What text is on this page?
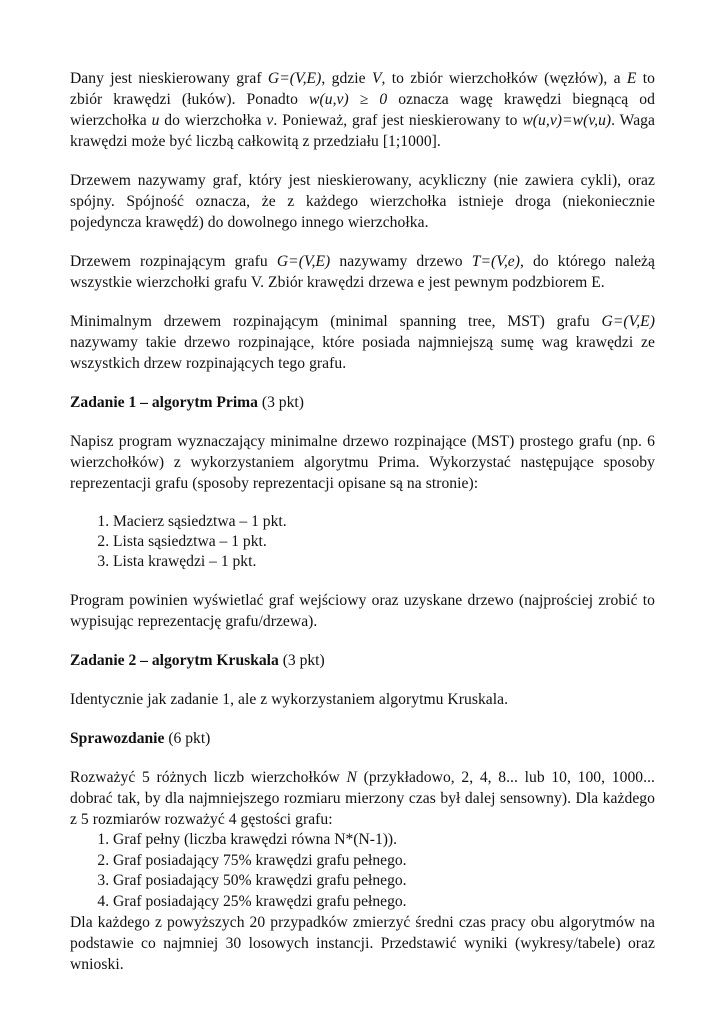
Dany jest nieskierowany graf G=(V,E), gdzie V, to zbiór wierzchołków (węzłów), a E to zbiór krawędzi (łuków). Ponadto w(u,v) ≥ 0 oznacza wagę krawędzi biegnącą od wierzchołka u do wierzchołka v. Ponieważ, graf jest nieskierowany to w(u,v)=w(v,u). Waga krawędzi może być liczbą całkowitą z przedziału [1;1000].

Drzewem nazywamy graf, który jest nieskierowany, acykliczny (nie zawiera cykli), oraz spójny. Spójność oznacza, że z każdego wierzchołka istnieje droga (niekoniecznie pojedyncza krawędź) do dowolnego innego wierzchołka.

Drzewem rozpinającym grafu G=(V,E) nazywamy drzewo T=(V,e), do którego należą wszystkie wierzchołki grafu V. Zbiór krawędzi drzewa e jest pewnym podzbiorem E.

Minimalnym drzewem rozpinającym (minimal spanning tree, MST) grafu G=(V,E) nazywamy takie drzewo rozpinające, które posiada najmniejszą sumę wag krawędzi ze wszystkich drzew rozpinających tego grafu.

Zadanie 1 – algorytm Prima (3 pkt)

Napisz program wyznaczający minimalne drzewo rozpinające (MST) prostego grafu (np. 6 wierzchołków) z wykorzystaniem algorytmu Prima. Wykorzystać następujące sposoby reprezentacji grafu (sposoby reprezentacji opisane są na stronie):

1. Macierz sąsiedztwa – 1 pkt.
2. Lista sąsiedztwa – 1 pkt.
3. Lista krawędzi – 1 pkt.

Program powinien wyświetlać graf wejściowy oraz uzyskane drzewo (najprościej zrobić to wypisując reprezentację grafu/drzewa).

Zadanie 2 – algorytm Kruskala (3 pkt)

Identycznie jak zadanie 1, ale z wykorzystaniem algorytmu Kruskala.

Sprawozdanie (6 pkt)

Rozważyć 5 różnych liczb wierzchołków N (przykładowo, 2, 4, 8... lub 10, 100, 1000... dobrać tak, by dla najmniejszego rozmiaru mierzony czas był dalej sensowny). Dla każdego z 5 rozmiarów rozważyć 4 gęstości grafu:

1. Graf pełny (liczba krawędzi równa N*(N-1)).
2. Graf posiadający 75% krawędzi grafu pełnego.
3. Graf posiadający 50% krawędzi grafu pełnego.
4. Graf posiadający 25% krawędzi grafu pełnego.

Dla każdego z powyższych 20 przypadków zmierzyć średni czas pracy obu algorytmów na podstawie co najmniej 30 losowych instancji. Przedstawić wyniki (wykresy/tabele) oraz wnioski.
